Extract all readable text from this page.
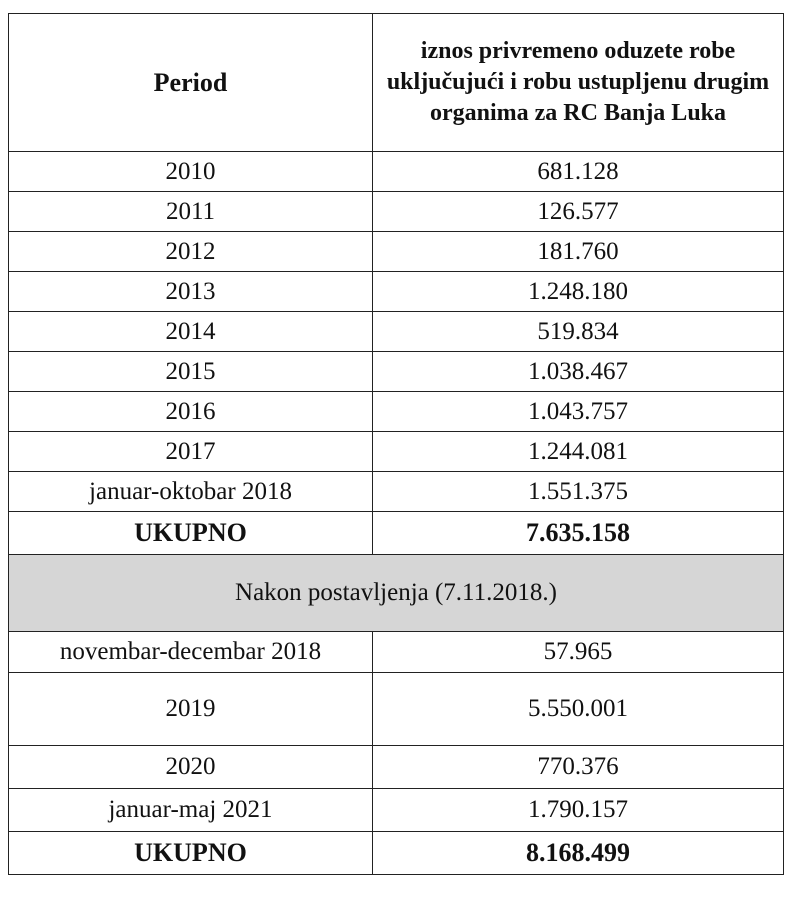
Period	iznos privremeno oduzete robe uključujući i robu ustupljenu drugim organima za RC Banja Luka
2010	681.128
2011	126.577
2012	181.760
2013	1.248.180
2014	519.834
2015	1.038.467
2016	1.043.757
2017	1.244.081
januar-oktobar 2018	1.551.375
UKUPNO	7.635.158
Nakon postavljenja (7.11.2018.)	
novembar-decembar 2018	57.965
2019	5.550.001
2020	770.376
januar-maj 2021	1.790.157
UKUPNO	8.168.499
